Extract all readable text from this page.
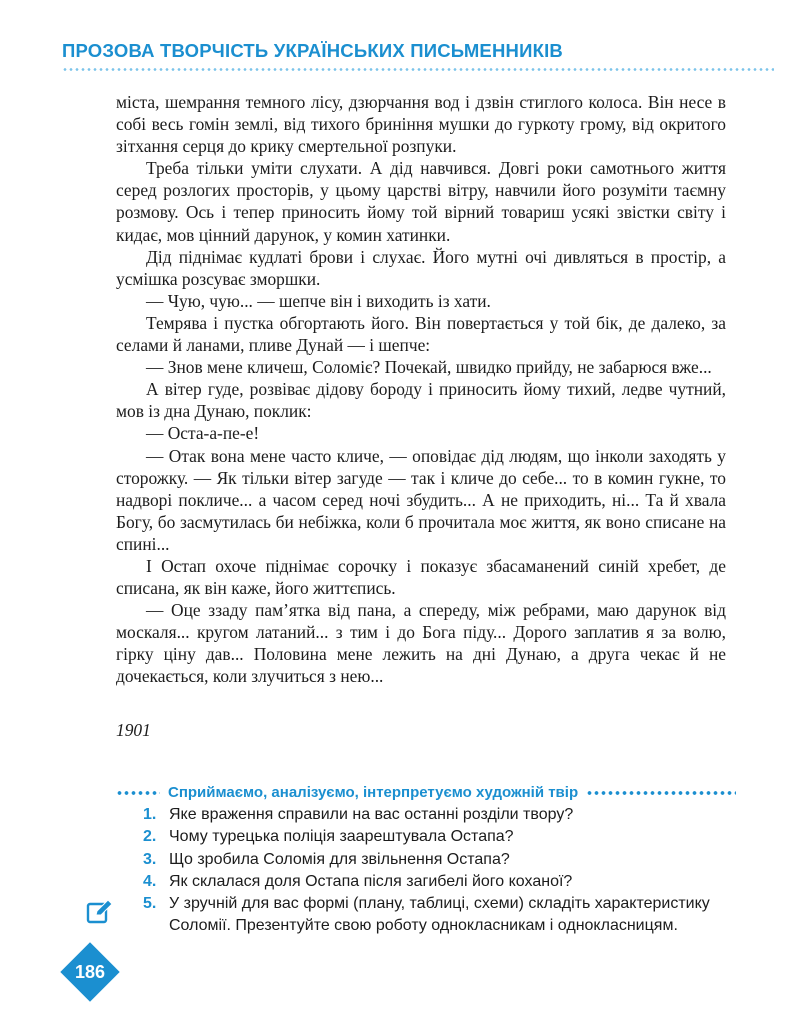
ПРОЗОВА ТВОРЧІСТЬ УКРАЇНСЬКИХ ПИСЬМЕННИКІВ

міста, шемрання темного лісу, дзюрчання вод і дзвін стиглого колоса. Він несе в собі весь гомін землі, від тихого бриніння мушки до гуркоту грому, від окритого зітхання серця до крику смертельної розпуки.

Треба тільки уміти слухати. А дід навчився. Довгі роки самотнього життя серед розлогих просторів, у цьому царстві вітру, навчили його розуміти таємну розмову. Ось і тепер приносить йому той вірний товариш усякі звістки світу і кидає, мов цінний дарунок, у комин хатинки.

Дід піднімає кудлаті брови і слухає. Його мутні очі дивляться в простір, а усмішка розсуває зморшки.

— Чую, чую... — шепче він і виходить із хати.

Темрява і пустка обгортають його. Він повертається у той бік, де далеко, за селами й ланами, пливе Дунай — і шепче:

— Знов мене кличеш, Соломіє? Почекай, швидко прийду, не забарюся вже...

А вітер гуде, розвіває дідову бороду і приносить йому тихий, ледве чутний, мов із дна Дунаю, поклик:

— Оста-а-пе-е!

— Отак вона мене часто кличе, — оповідає дід людям, що інколи заходять у сторожку. — Як тільки вітер загуде — так і кличе до себе... то в комин гукне, то надворі покличе... а часом серед ночі збудить... А не приходить, ні... Та й хвала Богу, бо засмутилась би небіжка, коли б прочитала моє життя, як воно списане на спині...

І Остап охоче піднімає сорочку і показує збасаманений синій хребет, де списана, як він каже, його життєпись.

— Оце ззаду пам’ятка від пана, а спереду, між ребрами, маю дарунок від москаля... кругом латаний... з тим і до Бога піду... Дорого заплатив я за волю, гірку ціну дав... Половина мене лежить на дні Дунаю, а друга чекає й не дочекається, коли злучиться з нею...

1901
Сприймаємо, аналізуємо, інтерпретуємо художній твір
1. Яке враження справили на вас останні розділи твору?
2. Чому турецька поліція заарештувала Остапа?
3. Що зробила Соломія для звільнення Остапа?
4. Як склалася доля Остапа після загибелі його коханої?
5. У зручній для вас формі (плану, таблиці, схеми) складіть характеристику Соломії. Презентуйте свою роботу однокласникам і однокласницям.
186
